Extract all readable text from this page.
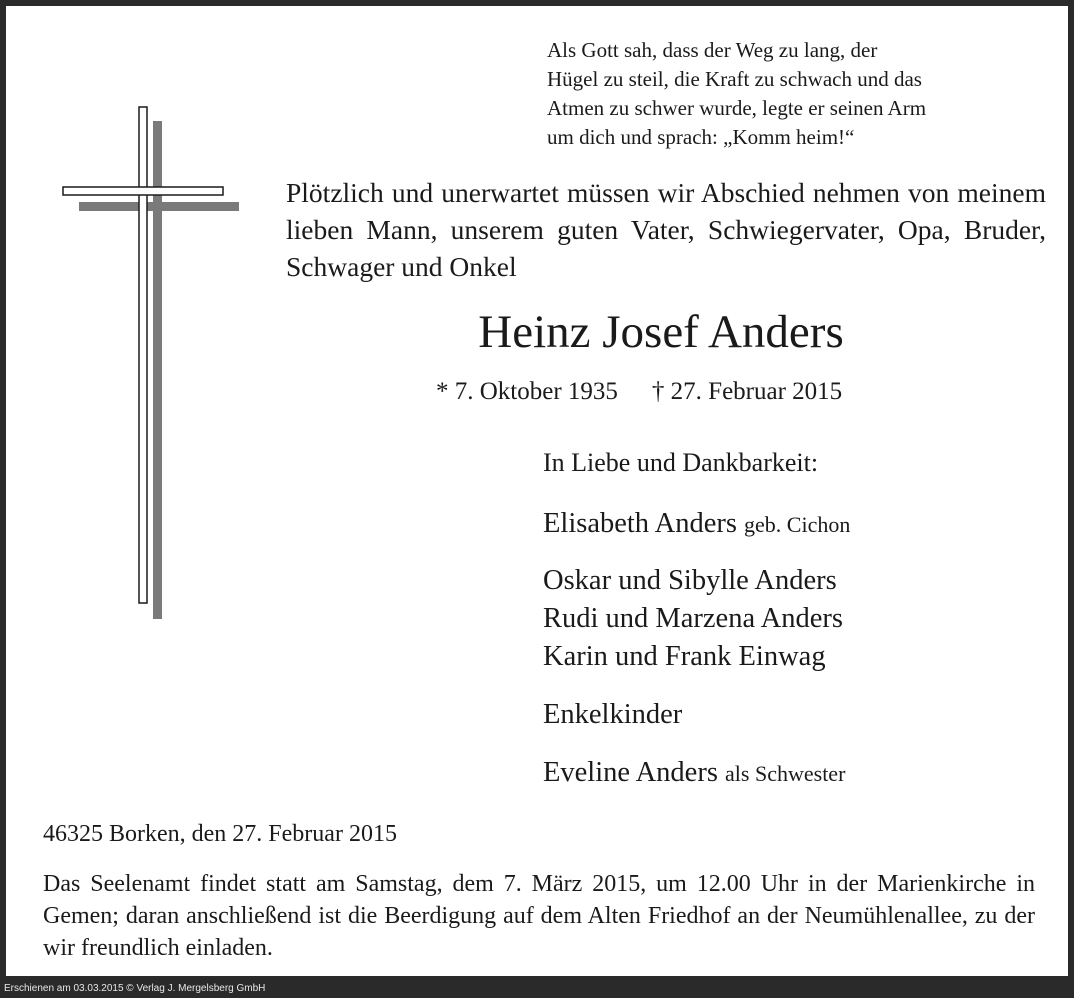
Als Gott sah, dass der Weg zu lang, der
Hügel zu steil, die Kraft zu schwach und das
Atmen zu schwer wurde, legte er seinen Arm
um dich und sprach: „Komm heim!“
Plötzlich und unerwartet müssen wir Abschied nehmen von meinem lieben Mann, unserem guten Vater, Schwiegervater, Opa, Bruder, Schwager und Onkel
Heinz Josef Anders
* 7. Oktober 1935 † 27. Februar 2015
In Liebe und Dankbarkeit:
Elisabeth Anders geb. Cichon
Oskar und Sibylle Anders
Rudi und Marzena Anders
Karin und Frank Einwag
Enkelkinder
Eveline Anders als Schwester
46325 Borken, den 27. Februar 2015
Das Seelenamt findet statt am Samstag, dem 7. März 2015, um 12.00 Uhr in der Marienkirche in Gemen; daran anschließend ist die Beerdigung auf dem Alten Friedhof an der Neumühlenallee, zu der wir freundlich einladen.
Erschienen am 03.03.2015 © Verlag J. Mergelsberg GmbH
